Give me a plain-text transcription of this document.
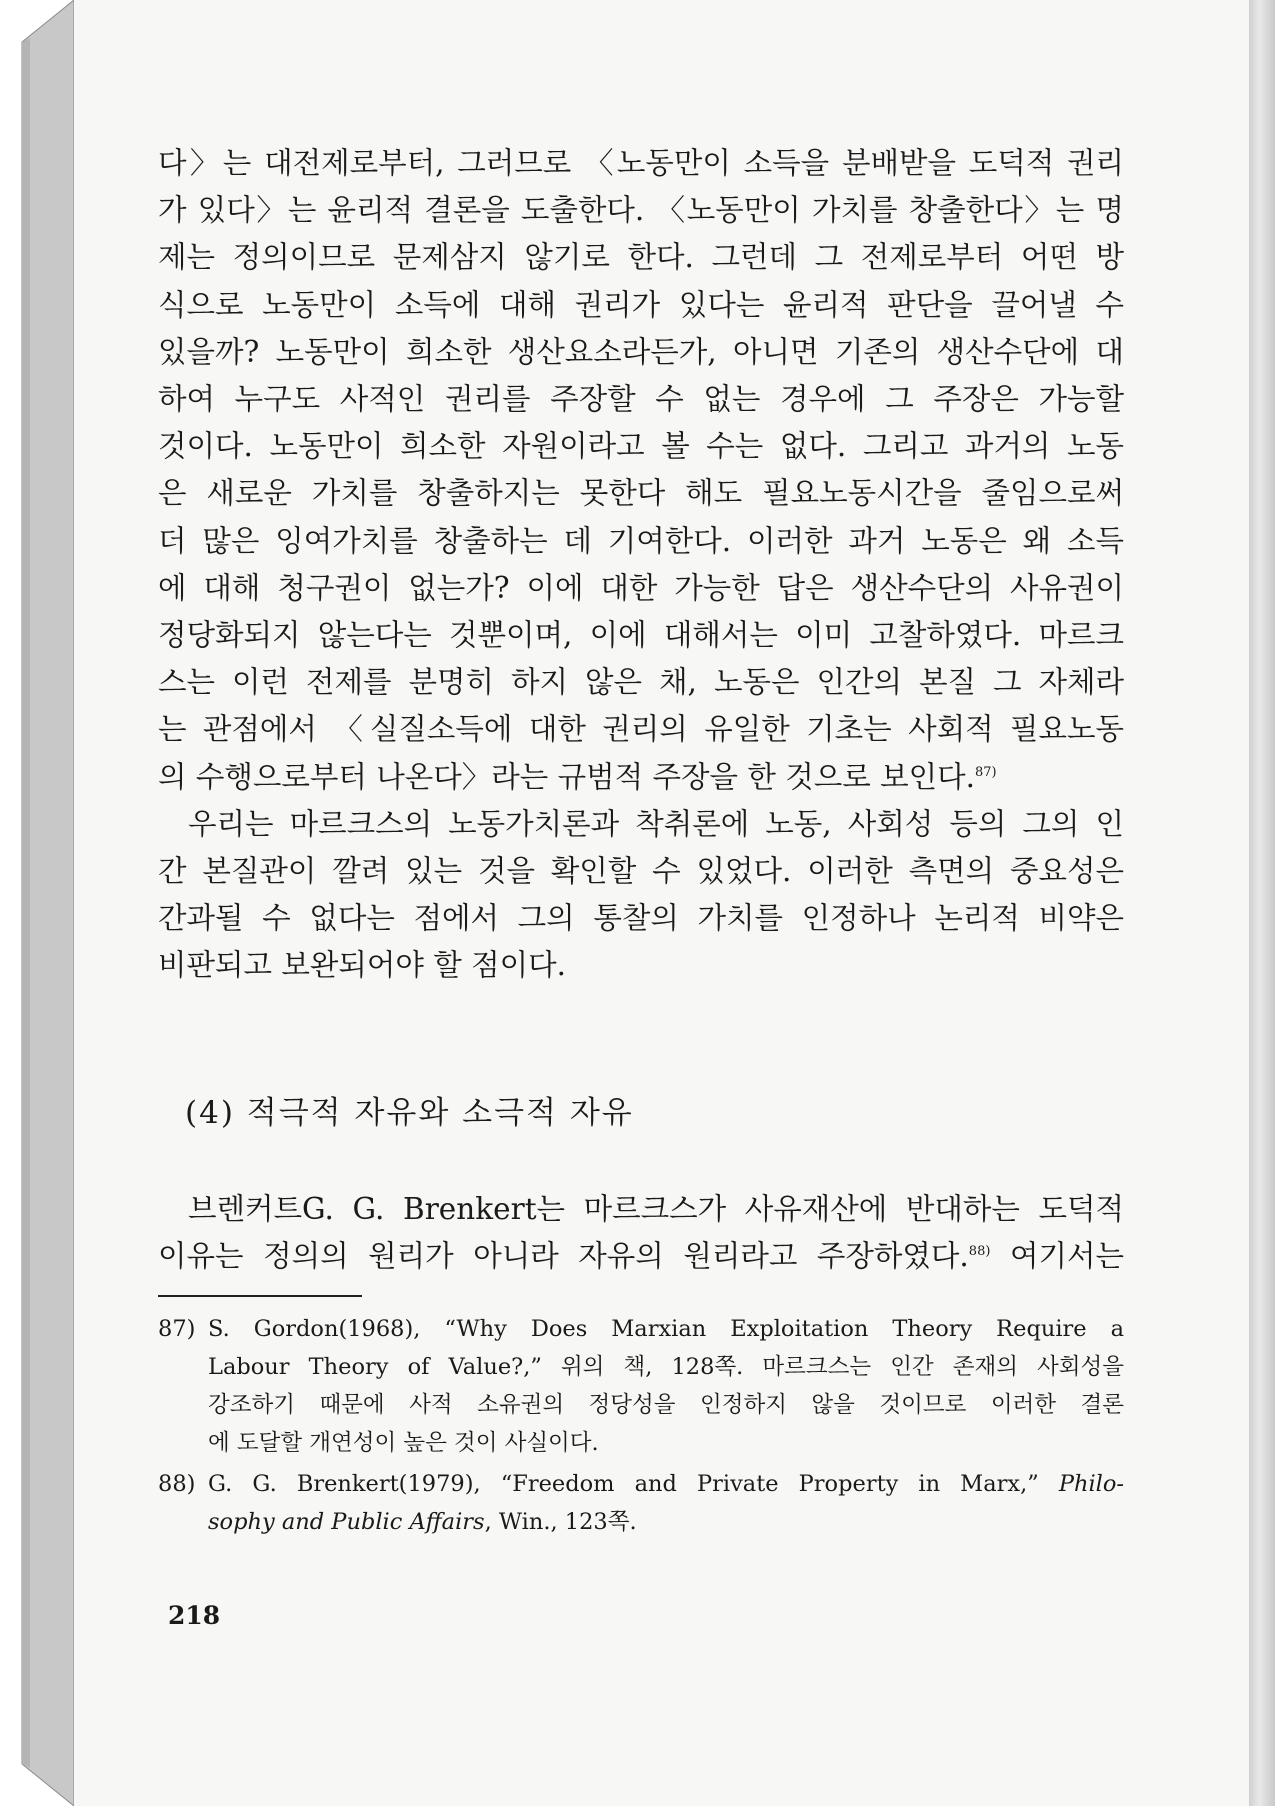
다〉는 대전제로부터, 그러므로 〈노동만이 소득을 분배받을 도덕적 권리
가 있다〉는 윤리적 결론을 도출한다. 〈노동만이 가치를 창출한다〉는 명
제는 정의이므로 문제삼지 않기로 한다. 그런데 그 전제로부터 어떤 방
식으로 노동만이 소득에 대해 권리가 있다는 윤리적 판단을 끌어낼 수
있을까? 노동만이 희소한 생산요소라든가, 아니면 기존의 생산수단에 대
하여 누구도 사적인 권리를 주장할 수 없는 경우에 그 주장은 가능할
것이다. 노동만이 희소한 자원이라고 볼 수는 없다. 그리고 과거의 노동
은 새로운 가치를 창출하지는 못한다 해도 필요노동시간을 줄임으로써
더 많은 잉여가치를 창출하는 데 기여한다. 이러한 과거 노동은 왜 소득
에 대해 청구권이 없는가? 이에 대한 가능한 답은 생산수단의 사유권이
정당화되지 않는다는 것뿐이며, 이에 대해서는 이미 고찰하였다. 마르크
스는 이런 전제를 분명히 하지 않은 채, 노동은 인간의 본질 그 자체라
는 관점에서 〈실질소득에 대한 권리의 유일한 기초는 사회적 필요노동
의 수행으로부터 나온다〉라는 규범적 주장을 한 것으로 보인다.$^{87)}$

우리는 마르크스의 노동가치론과 착취론에 노동, 사회성 등의 그의 인
간 본질관이 깔려 있는 것을 확인할 수 있었다. 이러한 측면의 중요성은
간과될 수 없다는 점에서 그의 통찰의 가치를 인정하나 논리적 비약은
비판되고 보완되어야 할 점이다.

(4) 적극적 자유와 소극적 자유
브렌커트G. G. Brenkert는 마르크스가 사유재산에 반대하는 도덕적
이유는 정의의 원리가 아니라 자유의 원리라고 주장하였다.$^{88)}$ 여기서는
87) S. Gordon(1968), “Why Does Marxian Exploitation Theory Require a
Labour Theory of Value?,” 위의 책, 128쪽. 마르크스는 인간 존재의 사회성을
강조하기 때문에 사적 소유권의 정당성을 인정하지 않을 것이므로 이러한 결론
에 도달할 개연성이 높은 것이 사실이다.
88) G. G. Brenkert(1979), “Freedom and Private Property in Marx,” Philo-
sophy and Public Affairs, Win., 123쪽.
218
